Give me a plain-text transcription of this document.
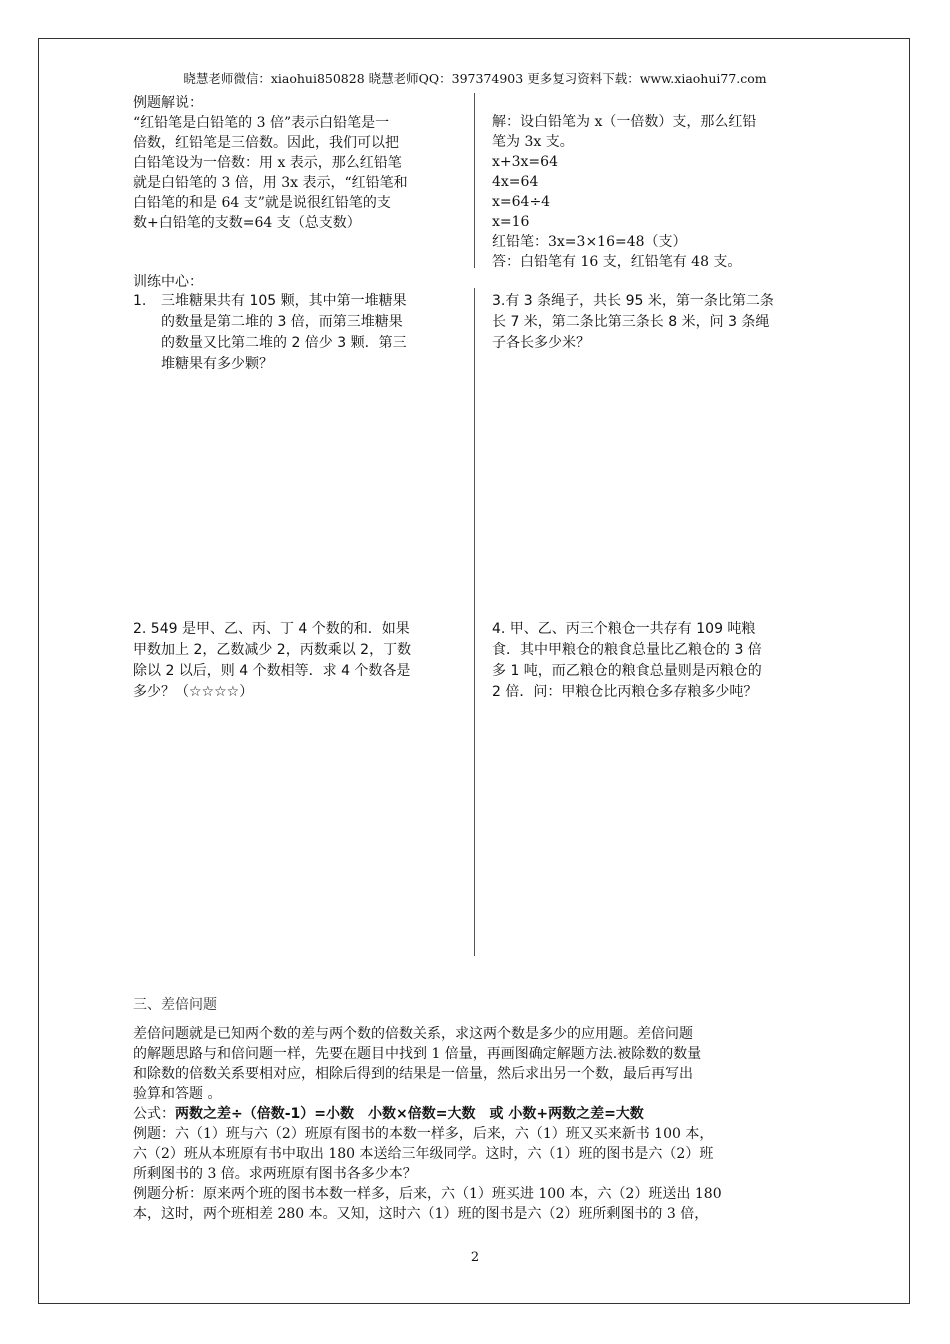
晓慧老师微信：xiaohui850828 晓慧老师QQ：397374903 更多复习资料下载：www.xiaohui77.com

例题解说：

“红铅笔是白铅笔的 3 倍”表示白铅笔是一

倍数，红铅笔是三倍数。因此，我们可以把

白铅笔设为一倍数：用 x 表示，那么红铅笔

就是白铅笔的 3 倍，用 3x 表示，“红铅笔和

白铅笔的和是 64 支”就是说很红铅笔的支

数+白铅笔的支数=64 支（总支数）

解：设白铅笔为 x（一倍数）支，那么红铅

笔为 3x 支。

x+3x=64

4x=64

x=64÷4

x=16

红铅笔：3x=3×16=48（支）

答：白铅笔有 16 支，红铅笔有 48 支。

训练中心：
1.	三堆糖果共有 105 颗，其中第一堆糖果

的数量是第二堆的 3 倍，而第三堆糖果

的数量又比第二堆的 2 倍少 3 颗．第三

堆糖果有多少颗？

3.有 3 条绳子，共长 95 米，第一条比第二条

长 7 米，第二条比第三条长 8 米，问 3 条绳

子各长多少米？

2. 549 是甲、乙、丙、丁 4 个数的和．如果

甲数加上 2，乙数减少 2，丙数乘以 2，丁数

除以 2 以后，则 4 个数相等．求 4 个数各是

多少？（☆☆☆☆）

4. 甲、乙、丙三个粮仓一共存有 109 吨粮

食．其中甲粮仓的粮食总量比乙粮仓的 3 倍

多 1 吨，而乙粮仓的粮食总量则是丙粮仓的

2 倍．问：甲粮仓比丙粮仓多存粮多少吨？

三、差倍问题

差倍问题就是已知两个数的差与两个数的倍数关系，求这两个数是多少的应用题。差倍问题

的解题思路与和倍问题一样，先要在题目中找到 1 倍量，再画图确定解题方法.被除数的数量

和除数的倍数关系要相对应，相除后得到的结果是一倍量，然后求出另一个数，最后再写出

验算和答题 。

公式：两数之差÷（倍数-1）=小数　小数×倍数=大数　或 小数+两数之差=大数

例题：六（1）班与六（2）班原有图书的本数一样多，后来，六（1）班又买来新书 100 本，

六（2）班从本班原有书中取出 180 本送给三年级同学。这时，六（1）班的图书是六（2）班

所剩图书的 3 倍。求两班原有图书各多少本？

例题分析：原来两个班的图书本数一样多，后来，六（1）班买进 100 本，六（2）班送出 180

本，这时，两个班相差 280 本。又知，这时六（1）班的图书是六（2）班所剩图书的 3 倍，

2
